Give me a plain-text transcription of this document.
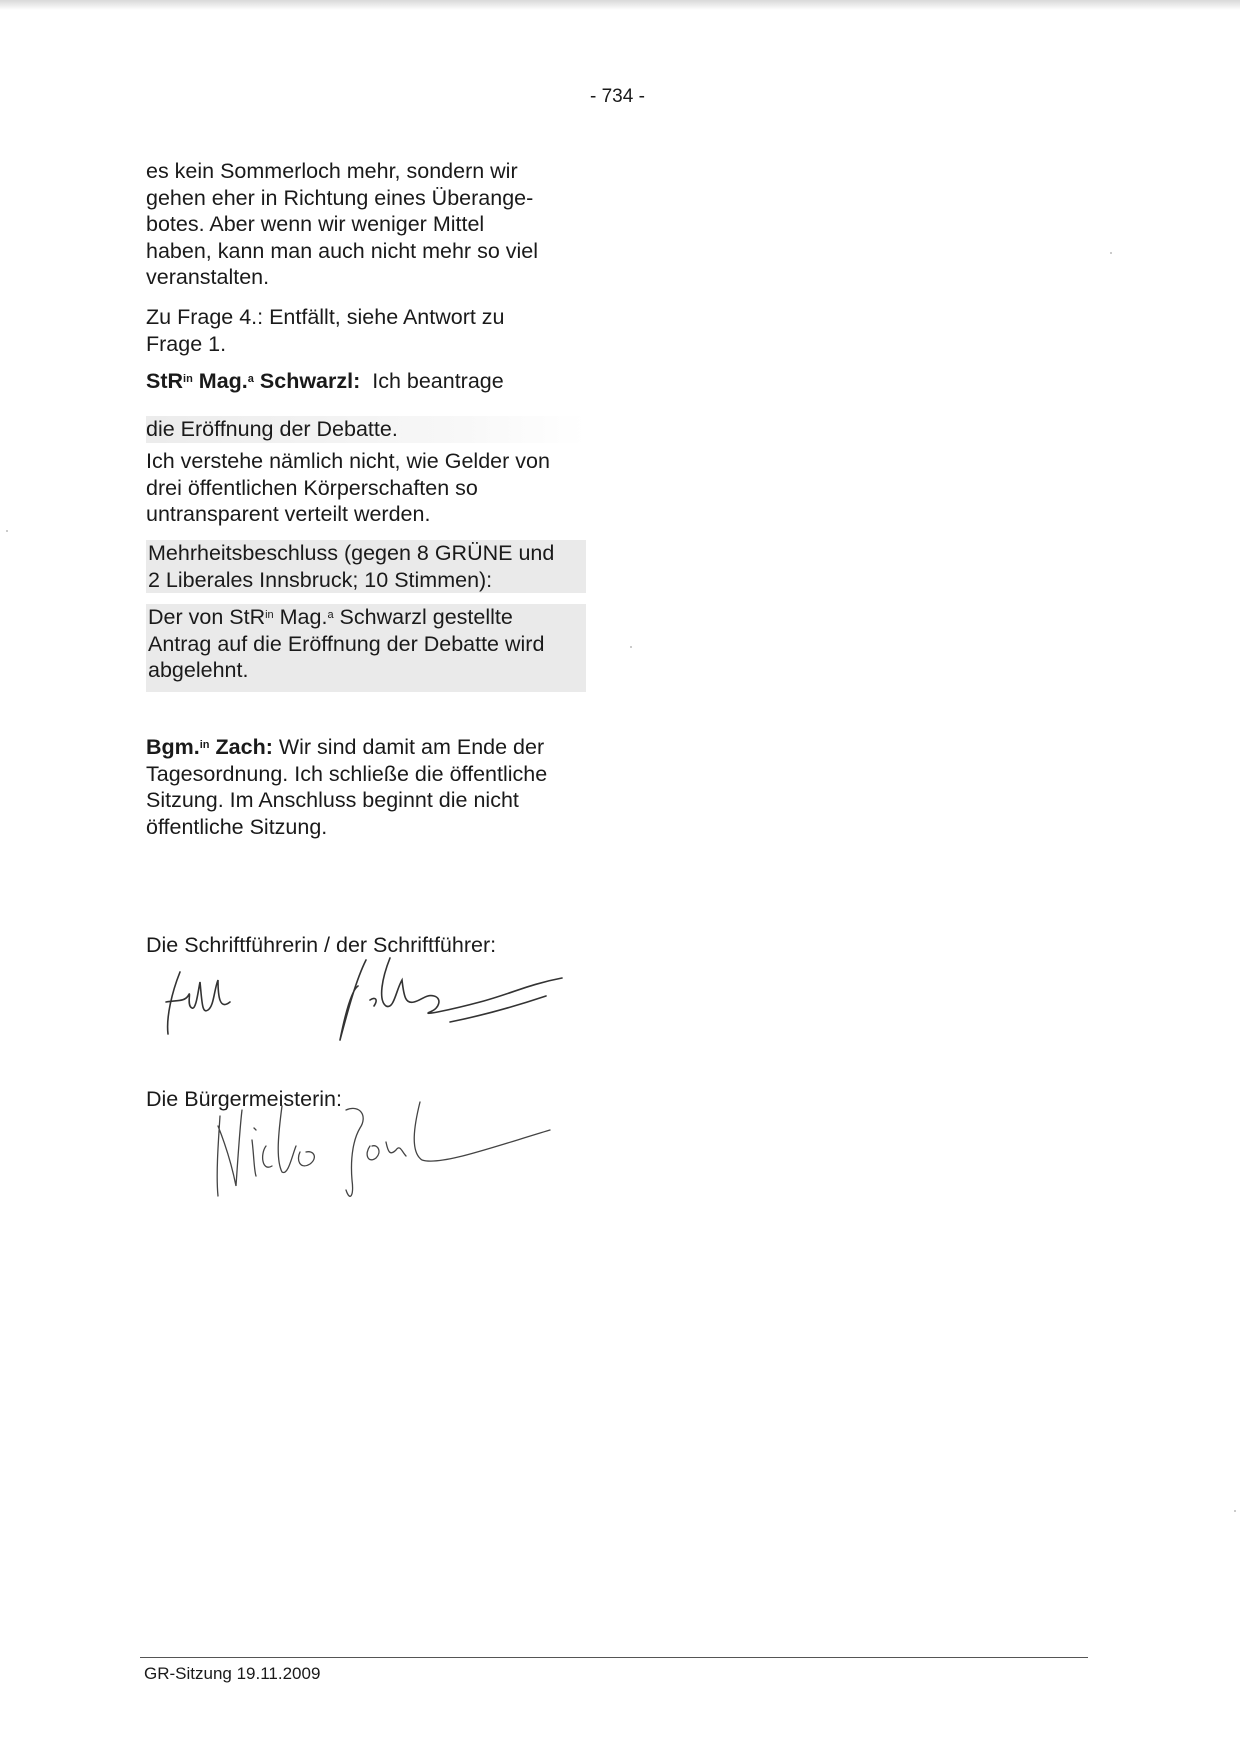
- 734 -

es kein Sommerloch mehr, sondern wir

gehen eher in Richtung eines Überange-

botes. Aber wenn wir weniger Mittel

haben, kann man auch nicht mehr so viel

veranstalten.

Zu Frage 4.: Entfällt, siehe Antwort zu

Frage 1.

StR$^{in}$ Mag.$^a$ Schwarzl: Ich beantrage

die Eröffnung der Debatte.

Ich verstehe nämlich nicht, wie Gelder von

drei öffentlichen Körperschaften so

untransparent verteilt werden.

Mehrheitsbeschluss (gegen 8 GRÜNE und

2 Liberales Innsbruck; 10 Stimmen):

Der von StR$^{in}$ Mag.$^a$ Schwarzl gestellte

Antrag auf die Eröffnung der Debatte wird

abgelehnt.

Bgm.$^{in}$ Zach: Wir sind damit am Ende der

Tagesordnung. Ich schließe die öffentliche

Sitzung. Im Anschluss beginnt die nicht

öffentliche Sitzung.

Die Schriftführerin / der Schriftführer:
Die Bürgermeisterin:
GR-Sitzung 19.11.2009
